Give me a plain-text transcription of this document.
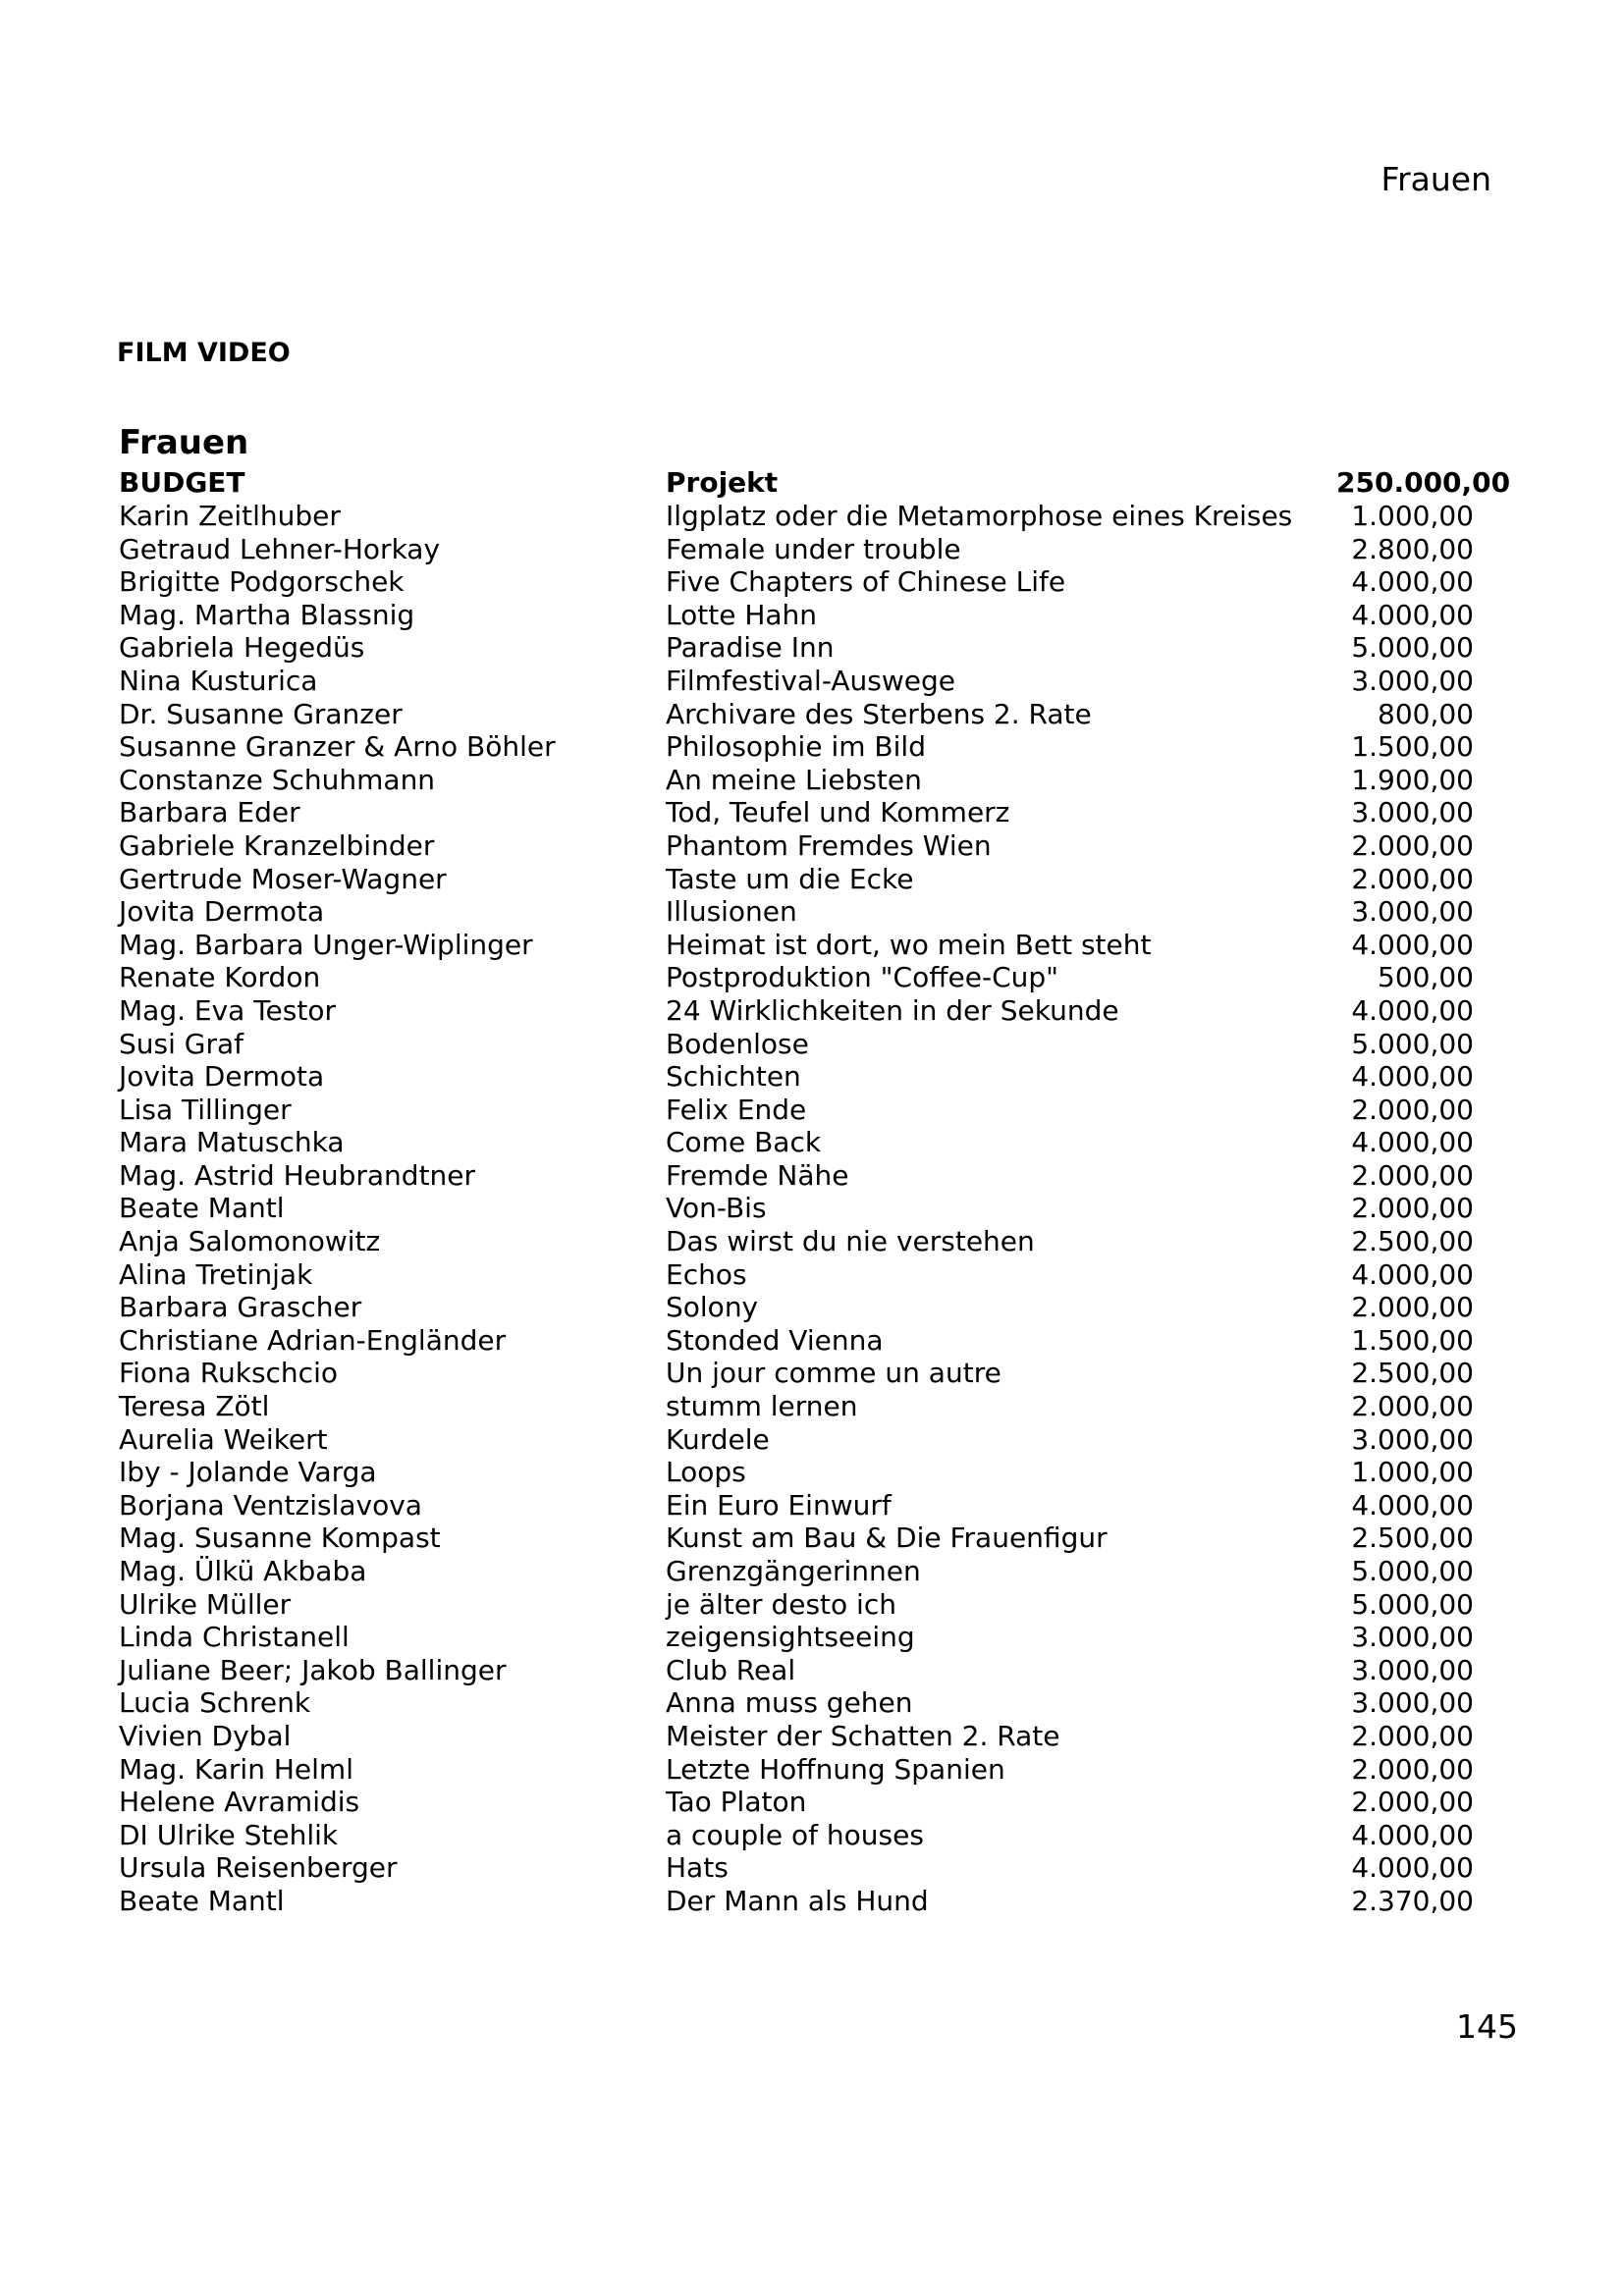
Frauen
FILM VIDEO
Frauen
BUDGET	Projekt	250.000,00
Karin Zeitlhuber	Ilgplatz oder die Metamorphose eines Kreises	1.000,00
Getraud Lehner-Horkay	Female under trouble	2.800,00
Brigitte Podgorschek	Five Chapters of Chinese Life	4.000,00
Mag. Martha Blassnig	Lotte Hahn	4.000,00
Gabriela Hegedüs	Paradise Inn	5.000,00
Nina Kusturica	Filmfestival-Auswege	3.000,00
Dr. Susanne Granzer	Archivare des Sterbens 2. Rate	800,00
Susanne Granzer & Arno Böhler	Philosophie im Bild	1.500,00
Constanze Schuhmann	An meine Liebsten	1.900,00
Barbara Eder	Tod, Teufel und Kommerz	3.000,00
Gabriele Kranzelbinder	Phantom Fremdes Wien	2.000,00
Gertrude Moser-Wagner	Taste um die Ecke	2.000,00
Jovita Dermota	Illusionen	3.000,00
Mag. Barbara Unger-Wiplinger	Heimat ist dort, wo mein Bett steht	4.000,00
Renate Kordon	Postproduktion "Coffee-Cup"	500,00
Mag. Eva Testor	24 Wirklichkeiten in der Sekunde	4.000,00
Susi Graf	Bodenlose	5.000,00
Jovita Dermota	Schichten	4.000,00
Lisa Tillinger	Felix Ende	2.000,00
Mara Matuschka	Come Back	4.000,00
Mag. Astrid Heubrandtner	Fremde Nähe	2.000,00
Beate Mantl	Von-Bis	2.000,00
Anja Salomonowitz	Das wirst du nie verstehen	2.500,00
Alina Tretinjak	Echos	4.000,00
Barbara Grascher	Solony	2.000,00
Christiane Adrian-Engländer	Stonded Vienna	1.500,00
Fiona Rukschcio	Un jour comme un autre	2.500,00
Teresa Zötl	stumm lernen	2.000,00
Aurelia Weikert	Kurdele	3.000,00
Iby - Jolande Varga	Loops	1.000,00
Borjana Ventzislavova	Ein Euro Einwurf	4.000,00
Mag. Susanne Kompast	Kunst am Bau & Die Frauenfigur	2.500,00
Mag. Ülkü Akbaba	Grenzgängerinnen	5.000,00
Ulrike Müller	je älter desto ich	5.000,00
Linda Christanell	zeigensightseeing	3.000,00
Juliane Beer; Jakob Ballinger	Club Real	3.000,00
Lucia Schrenk	Anna muss gehen	3.000,00
Vivien Dybal	Meister der Schatten 2. Rate	2.000,00
Mag. Karin Helml	Letzte Hoffnung Spanien	2.000,00
Helene Avramidis	Tao Platon	2.000,00
DI Ulrike Stehlik	a couple of houses	4.000,00
Ursula Reisenberger	Hats	4.000,00
Beate Mantl	Der Mann als Hund	2.370,00
145
